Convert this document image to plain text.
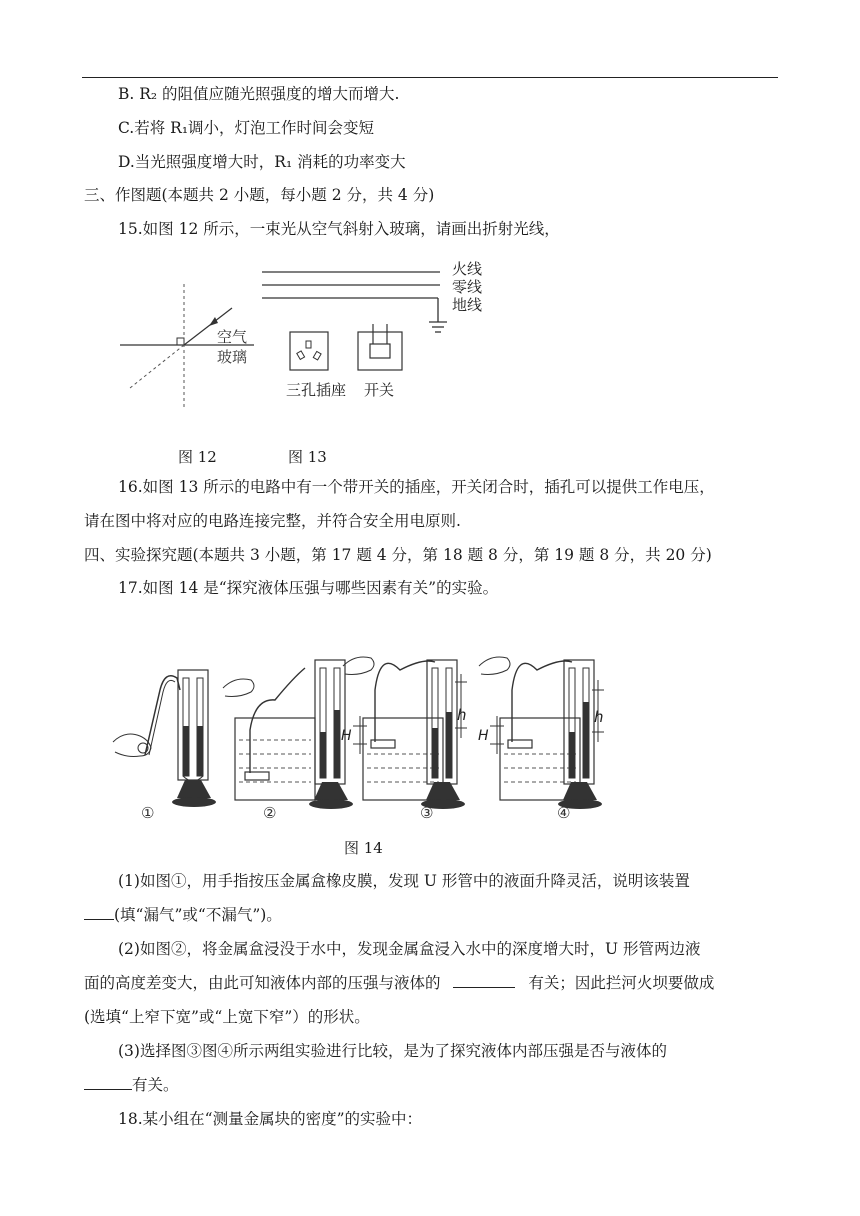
B. R₂ 的阻值应随光照强度的增大而增大.
C.若将 R₁调小，灯泡工作时间会变短
D.当光照强度增大时，R₁ 消耗的功率变大
三、作图题(本题共 2 小题，每小题 2 分，共 4 分)
15.如图 12 所示，一束光从空气斜射入玻璃，请画出折射光线，
空气
玻璃
火线
零线
地线
三孔插座 开关
图 12	图 13
16.如图 13 所示的电路中有一个带开关的插座，开关闭合时，插孔可以提供工作电压，
请在图中将对应的电路连接完整，并符合安全用电原则.
四、实验探究题(本题共 3 小题，第 17 题 4 分，第 18 题 8 分，第 19 题 8 分，共 20 分)
17.如图 14 是“探究液体压强与哪些因素有关”的实验。
H
h
H
h
①	②	③	④
图 14
(1)如图①，用手指按压金属盒橡皮膜，发现 U 形管中的液面升降灵活，说明该装置
(填“漏气”或“不漏气”)。
(2)如图②，将金属盒浸没于水中，发现金属盒浸入水中的深度增大时，U 形管两边液
面的高度差变大，由此可知液体内部的压强与液体的	有关；因此拦河火坝要做成
(选填“上窄下宽”或“上宽下窄”）的形状。
(3)选择图③图④所示两组实验进行比较，是为了探究液体内部压强是否与液体的
有关。
18.某小组在“测量金属块的密度”的实验中：
